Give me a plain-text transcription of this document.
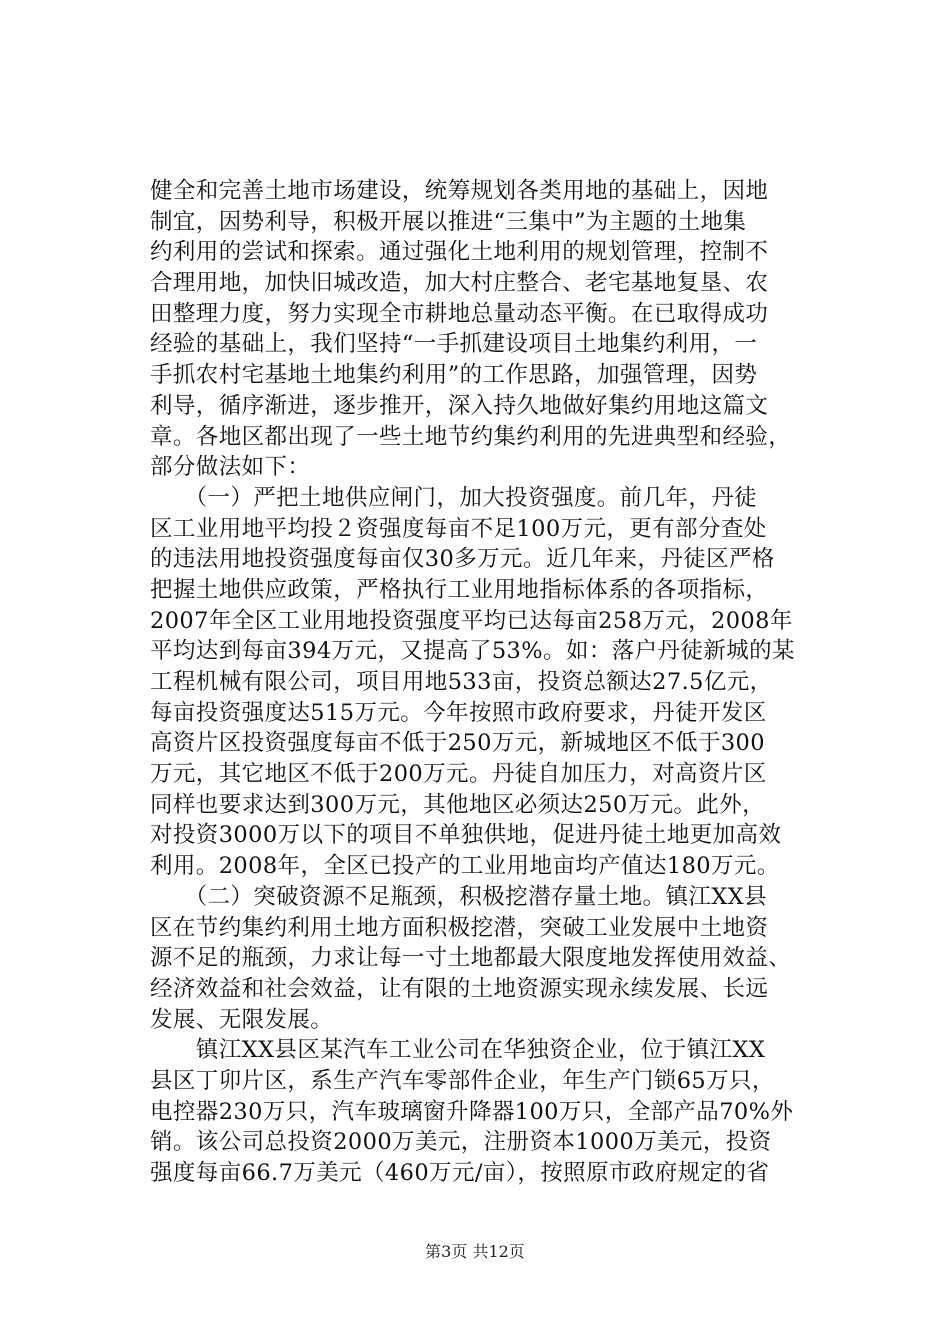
健全和完善土地市场建设，统筹规划各类用地的基础上，因地
制宜，因势利导，积极开展以推进“三集中”为主题的土地集
约利用的尝试和探索。通过强化土地利用的规划管理，控制不
合理用地，加快旧城改造，加大村庄整合、老宅基地复垦、农
田整理力度，努力实现全市耕地总量动态平衡。在已取得成功
经验的基础上，我们坚持“一手抓建设项目土地集约利用，一
手抓农村宅基地土地集约利用”的工作思路，加强管理，因势
利导，循序渐进，逐步推开，深入持久地做好集约用地这篇文
章。各地区都出现了一些土地节约集约利用的先进典型和经验，
部分做法如下：
　　（一）严把土地供应闸门，加大投资强度。前几年，丹徒
区工业用地平均投２资强度每亩不足100万元，更有部分查处
的违法用地投资强度每亩仅30多万元。近几年来，丹徒区严格
把握土地供应政策，严格执行工业用地指标体系的各项指标，
2007年全区工业用地投资强度平均已达每亩258万元，2008年
平均达到每亩394万元，又提高了53%。如：落户丹徒新城的某
工程机械有限公司，项目用地533亩，投资总额达27.5亿元，
每亩投资强度达515万元。今年按照市政府要求，丹徒开发区
高资片区投资强度每亩不低于250万元，新城地区不低于300
万元，其它地区不低于200万元。丹徒自加压力，对高资片区
同样也要求达到300万元，其他地区必须达250万元。此外，
对投资3000万以下的项目不单独供地，促进丹徒土地更加高效
利用。2008年，全区已投产的工业用地亩均产值达180万元。
　　（二）突破资源不足瓶颈，积极挖潜存量土地。镇江XX县
区在节约集约利用土地方面积极挖潜，突破工业发展中土地资
源不足的瓶颈，力求让每一寸土地都最大限度地发挥使用效益、
经济效益和社会效益，让有限的土地资源实现永续发展、长远
发展、无限发展。
　　镇江XX县区某汽车工业公司在华独资企业，位于镇江XX
县区丁卯片区，系生产汽车零部件企业，年生产门锁65万只，
电控器230万只，汽车玻璃窗升降器100万只，全部产品70%外
销。该公司总投资2000万美元，注册资本1000万美元，投资
强度每亩66.7万美元（460万元/亩），按照原市政府规定的省
第3页 共12页
